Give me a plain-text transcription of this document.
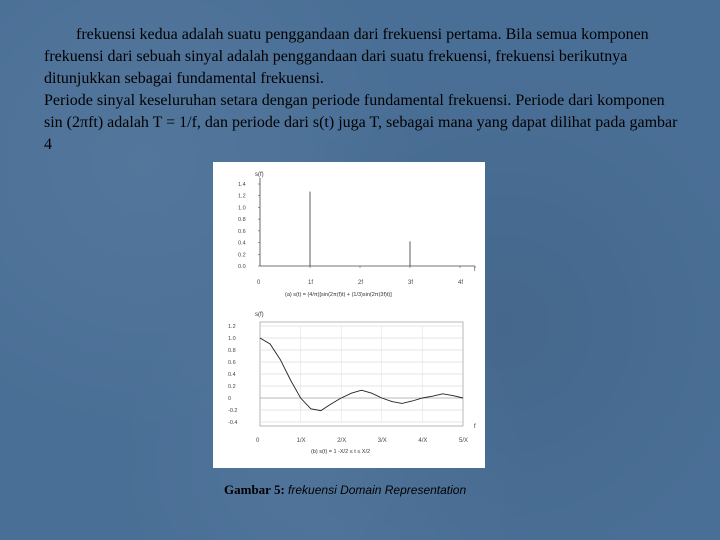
frekuensi kedua adalah suatu penggandaan dari frekuensi pertama. Bila semua komponen frekuensi dari sebuah sinyal adalah penggandaan dari suatu frekuensi, frekuensi berikutnya ditunjukkan sebagai fundamental frekuensi.

Periode sinyal keseluruhan setara dengan periode fundamental frekuensi. Periode dari komponen sin (2πft) adalah T = 1/f, dan periode dari s(t) juga T, sebagai mana yang dapat dilihat pada gambar 4

s(f)
1.4
1.2
1.0
0.8
0.6
0.4
0.2
0.0
0	1f	2f	3f	4f
f
(a) s(t) = (4/π)[sin(2π(f)t) + (1/3)sin(2π(3f)t)]
s(f)
1.2
1.0
0.8
0.6
0.4
0.2
0
-0.2
-0.4
0	1/X	2/X	3/X	4/X	5/X
f
(b) s(t) = 1 -X/2 ≤ t ≤ X/2
Gambar 5: frekuensi Domain Representation
